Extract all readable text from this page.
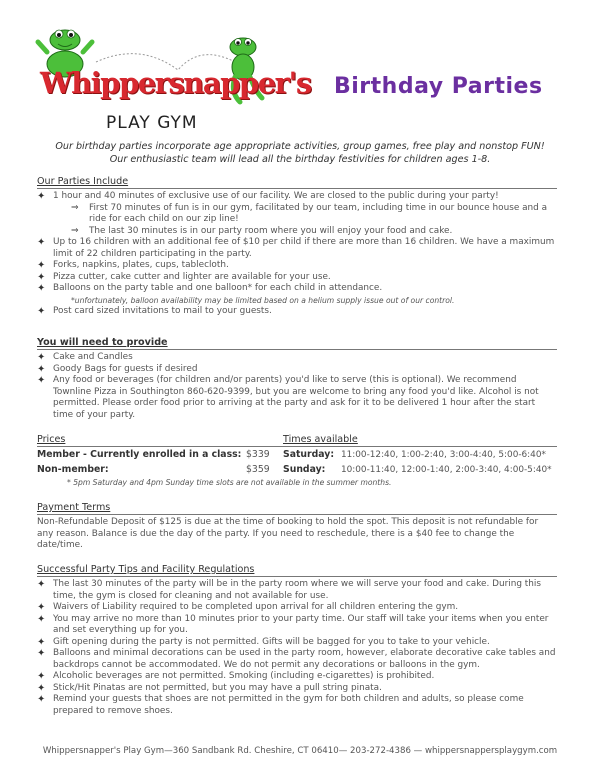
Whippersnapper's
PLAY GYM
Birthday Parties
Our birthday parties incorporate age appropriate activities, group games, free play and nonstop FUN!
Our enthusiastic team will lead all the birthday festivities for children ages 1-8.
Our Parties Include
✦ 1 hour and 40 minutes of exclusive use of our facility. We are closed to the public during your party!
⇒ First 70 minutes of fun is in our gym, facilitated by our team, including time in our bounce house and a ride for each child on our zip line!
⇒ The last 30 minutes is in our party room where you will enjoy your food and cake.
✦ Up to 16 children with an additional fee of $10 per child if there are more than 16 children. We have a maximum limit of 22 children participating in the party.
✦ Forks, napkins, plates, cups, tablecloth.
✦ Pizza cutter, cake cutter and lighter are available for your use.
✦ Balloons on the party table and one balloon* for each child in attendance.
*unfortunately, balloon availability may be limited based on a helium supply issue out of our control.
✦ Post card sized invitations to mail to your guests.
You will need to provide
✦ Cake and Candles
✦ Goody Bags for guests if desired
✦ Any food or beverages (for children and/or parents) you'd like to serve (this is optional). We recommend Townline Pizza in Southington 860-620-9399, but you are welcome to bring any food you'd like. Alcohol is not permitted. Please order food prior to arriving at the party and ask for it to be delivered 1 hour after the start time of your party.
Prices	Times available
Member - Currently enrolled in a class: $339	Saturday: 11:00-12:40, 1:00-2:40, 3:00-4:40, 5:00-6:40*
Non-member:	$359	Sunday:	10:00-11:40, 12:00-1:40, 2:00-3:40, 4:00-5:40*
* 5pm Saturday and 4pm Sunday time slots are not available in the summer months.
Payment Terms
Non-Refundable Deposit of $125 is due at the time of booking to hold the spot. This deposit is not refundable for any reason. Balance is due the day of the party. If you need to reschedule, there is a $40 fee to change the date/time.
Successful Party Tips and Facility Regulations
✦ The last 30 minutes of the party will be in the party room where we will serve your food and cake. During this time, the gym is closed for cleaning and not available for use.
✦ Waivers of Liability required to be completed upon arrival for all children entering the gym.
✦ You may arrive no more than 10 minutes prior to your party time. Our staff will take your items when you enter and set everything up for you.
✦ Gift opening during the party is not permitted. Gifts will be bagged for you to take to your vehicle.
✦ Balloons and minimal decorations can be used in the party room, however, elaborate decorative cake tables and backdrops cannot be accommodated. We do not permit any decorations or balloons in the gym.
✦ Alcoholic beverages are not permitted. Smoking (including e-cigarettes) is prohibited.
✦ Stick/Hit Pinatas are not permitted, but you may have a pull string pinata.
✦ Remind your guests that shoes are not permitted in the gym for both children and adults, so please come prepared to remove shoes.
Whippersnapper's Play Gym—360 Sandbank Rd. Cheshire, CT 06410— 203-272-4386 — whippersnappersplaygym.com
